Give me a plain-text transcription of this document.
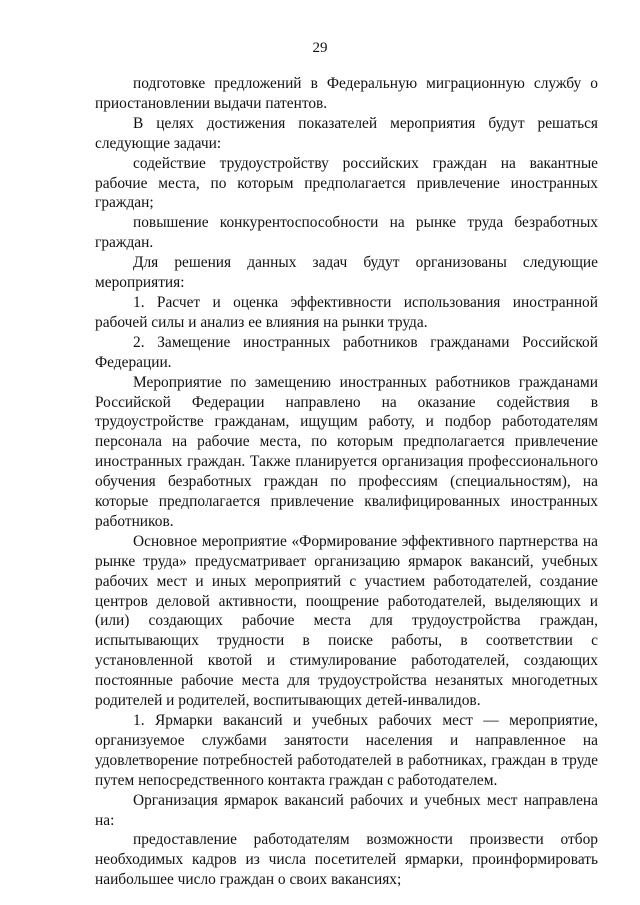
29

подготовке предложений в Федеральную миграционную службу о приостановлении выдачи патентов.

В целях достижения показателей мероприятия будут решаться следующие задачи:

содействие трудоустройству российских граждан на вакантные рабочие места, по которым предполагается привлечение иностранных граждан;

повышение конкурентоспособности на рынке труда безработных граждан.

Для решения данных задач будут организованы следующие мероприятия:

1. Расчет и оценка эффективности использования иностранной рабочей силы и анализ ее влияния на рынки труда.

2. Замещение иностранных работников гражданами Российской Федерации.

Мероприятие по замещению иностранных работников гражданами Российской Федерации направлено на оказание содействия в трудоустройстве гражданам, ищущим работу, и подбор работодателям персонала на рабочие места, по которым предполагается привлечение иностранных граждан. Также планируется организация профессионального обучения безработных граждан по профессиям (специальностям), на которые предполагается привлечение квалифицированных иностранных работников.

Основное мероприятие «Формирование эффективного партнерства на рынке труда» предусматривает организацию ярмарок вакансий, учебных рабочих мест и иных мероприятий с участием работодателей, создание центров деловой активности, поощрение работодателей, выделяющих и (или) создающих рабочие места для трудоустройства граждан, испытывающих трудности в поиске работы, в соответствии с установленной квотой и стимулирование работодателей, создающих постоянные рабочие места для трудоустройства незанятых многодетных родителей и родителей, воспитывающих детей-инвалидов.

1. Ярмарки вакансий и учебных рабочих мест — мероприятие, организуемое службами занятости населения и направленное на удовлетворение потребностей работодателей в работниках, граждан в труде путем непосредственного контакта граждан с работодателем.

Организация ярмарок вакансий рабочих и учебных мест направлена на:

предоставление работодателям возможности произвести отбор необходимых кадров из числа посетителей ярмарки, проинформировать наибольшее число граждан о своих вакансиях;
